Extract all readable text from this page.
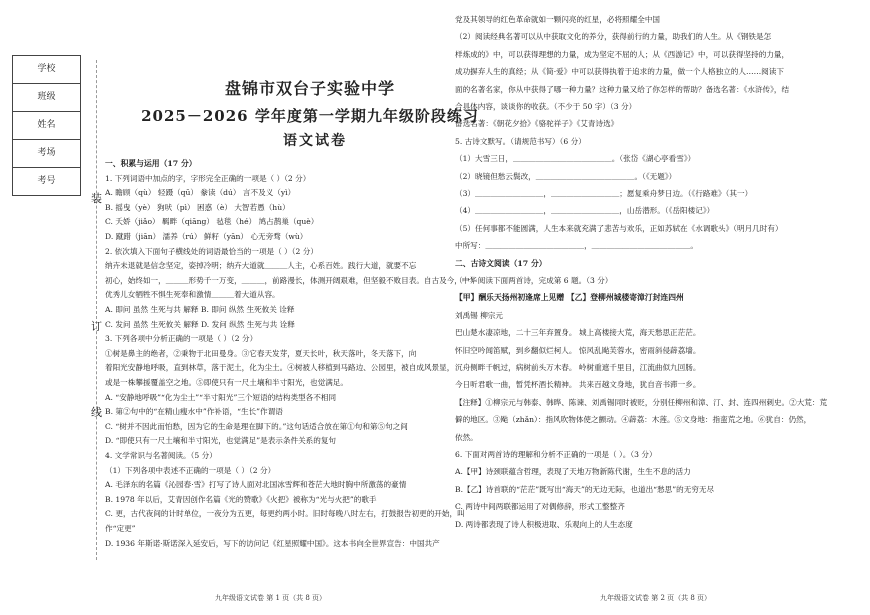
学校
班级
姓名
考场
考号
装
订
线
盘锦市双台子实验中学
2025－2026 学年度第一学期九年级阶段练习
语文试卷
一、积累与运用（17 分）
1. 下列词语中加点的字，字形完全正确的一项是（ ）（2 分）
A. 瞻顾（qù） 轻蹑（qū） 豢读（dú） 言不及义（yì）
B. 摇曳（yè） 狗吠（pì） 困惑（è） 大智若愚（hù）
C. 夭娇（jiǎo） 羁畔（qiāng） 毡毯（hé） 鸠占鹊巢（què）
D. 蹴踖（jiān） 濡养（rú） 鲜籽（yān） 心无旁骛（wù）
2. 依次填入下面句子横线处的词语最恰当的一项是（ ）（2 分）
纳卉未退就是信念坚定，姿掉冷明；纳卉大道就＿＿＿人主，心系百姓。践行大道，就要不忘
初心，始终如一，＿＿＿形势千一万变，＿＿＿，前路漫长，体测开阔艰难，但坚毅不败目表。自古及今，中华
优秀儿女牺牲不惧生死奉和激情＿＿＿着大道从容。
A. 即问 虽然 生死与共 解释 B. 即问 纵然 生死攸关 诠释
C. 发问 虽然 生死攸关 解释 D. 发问 纵然 生死与共 诠释
3. 下列各项中分析正确的一项是（ ）（2 分）
①树是鼻主的绝者，②秉物于北田曼身。③它春天发芽，夏天长叶，秋天落叶，冬天落下，向
着阳光安静地呼吸，直到林草，落于泥土，化为尘土。④树被人移植到马路边、公园里，被自成风景显，
或是一株攀援覆盖空之地。⑤即使只有一尺土壤和半寸阳光，也觉满足。
A. “安静地呼吸”“化为尘土”“半寸阳光”三个短语的结构类型各不相同
B. 第②句中的“在精山瘦水中”作补语，“生长”作谓语
C. “树并不因此而怕愁，因为它的生命是理在脚下的。”这句话适合放在第①句和第⑤句之间
D. “即使只有一尺土壤和半寸阳光，也觉满足”是表示条件关系的复句
4. 文学常识与名著阅读。（5 分）
（1）下列各项中表述不正确的一项是（ ）（2 分）
A. 毛泽东的名篇《沁园春·雪》打写了诗人面对北国冰雪辉和苍茫大地时胸中所激荡的豪情
B. 1978 年以后，艾青因创作名篇《光的赞歌》《火把》被称为“光与火把”的歌手
C. 更，古代夜间的计时单位，一夜分为五更，每更约两小时。旧时每晚八时左右，打鼓报告初更的开始，叫
作“定更”
D. 1936 年斯诺·斯诺深入延安后，写下的访问记《红星照耀中国》。这本书向全世界宣告：中国共产
党及其领导的红色革命就如一颗闪亮的红星，必将照耀全中国
（2）阅读经典名著可以从中获取文化的养分，获得前行的力量，助我们的人生。从《钢铁是怎
样炼成的》中，可以获得理想的力量，成为坚定不屈的人；从《西游记》中，可以获得坚持的力量，
成功摒弃人生的真经；从《简·爱》中可以获得执着于追求的力量，做一个人格独立的人……阅读下
面的名著名家，你从中获得了哪一种力量？这种力量又给了你怎样的帮助？备选名著：《水浒传》，结
合具体内容，谈谈你的收获。（不少于 50 字）（3 分）
备选名著：《朝花夕拾》《骆驼祥子》《艾青诗选》
5. 古诗文默写。（请规范书写）（6 分）
（1）大雪三日，＿＿＿＿＿＿＿＿＿＿＿＿＿。（张岱《湖心亭看雪》）
（2）晓镜但愁云鬓改，＿＿＿＿＿＿＿＿＿＿＿＿＿。（《无题》）
（3）＿＿＿＿＿＿＿＿＿，＿＿＿＿＿＿＿＿＿；愿复乘舟梦日边。（《行路难》（其一）
（4）＿＿＿＿＿＿＿＿＿，＿＿＿＿＿＿＿＿＿，山岳潜形。（《岳阳楼记》）
（5）任何事都不能圆满，人生本来就充满了悲苦与欢乐，正如苏轼在《水调歌头》（明月几时有）
中所写：＿＿＿＿＿＿＿＿＿＿＿＿＿，＿＿＿＿＿＿＿＿＿＿＿＿＿。
二、古诗文阅读（17 分）
（一）阅读下面两首诗，完成第 6 题。（3 分）
【甲】酬乐天扬州初逢席上见赠 【乙】登柳州城楼寄漳汀封连四州
刘禹锡 柳宗元
巴山楚水凄凉地，二十三年弃置身。 城上高楼接大荒，海天愁思正茫茫。
怀旧空吟闻笛赋，到乡翻似烂柯人。 惊风乱飐芙蓉水，密雨斜侵薜荔墙。
沉舟侧畔千帆过，病树前头万木春。 岭树重遮千里目，江流曲似九回肠。
今日听君歌一曲，暂凭杯酒长精神。 共来百越文身地，犹自音书滞一乡。
【注释】①柳宗元与韩泰、韩晔、陈谏、刘禹锡同时被贬，分别任柳州和漳、汀、封、连四州刺史。②大荒：荒
僻的地区。③飐（zhǎn）：指风吹物体使之颤动。④薜荔：木莲。⑤文身地：指蛮荒之地。⑥犹自：仍然，
依然。
6. 下面对两首诗的理解和分析不正确的一项是（ ）。（3 分）
A.【甲】诗颈联蕴含哲理，表现了天地万物新陈代谢，生生不息的活力
B.【乙】诗首联的“茫茫”既写出“海天”的无边无际，也道出“愁思”的无穷无尽
C. 两诗中间两联都运用了对偶修辞，形式工整整齐
D. 两诗都表现了诗人积极进取、乐观向上的人生态度
九年级语文试卷 第 1 页（共 8 页）	九年级语文试卷 第 2 页（共 8 页）
